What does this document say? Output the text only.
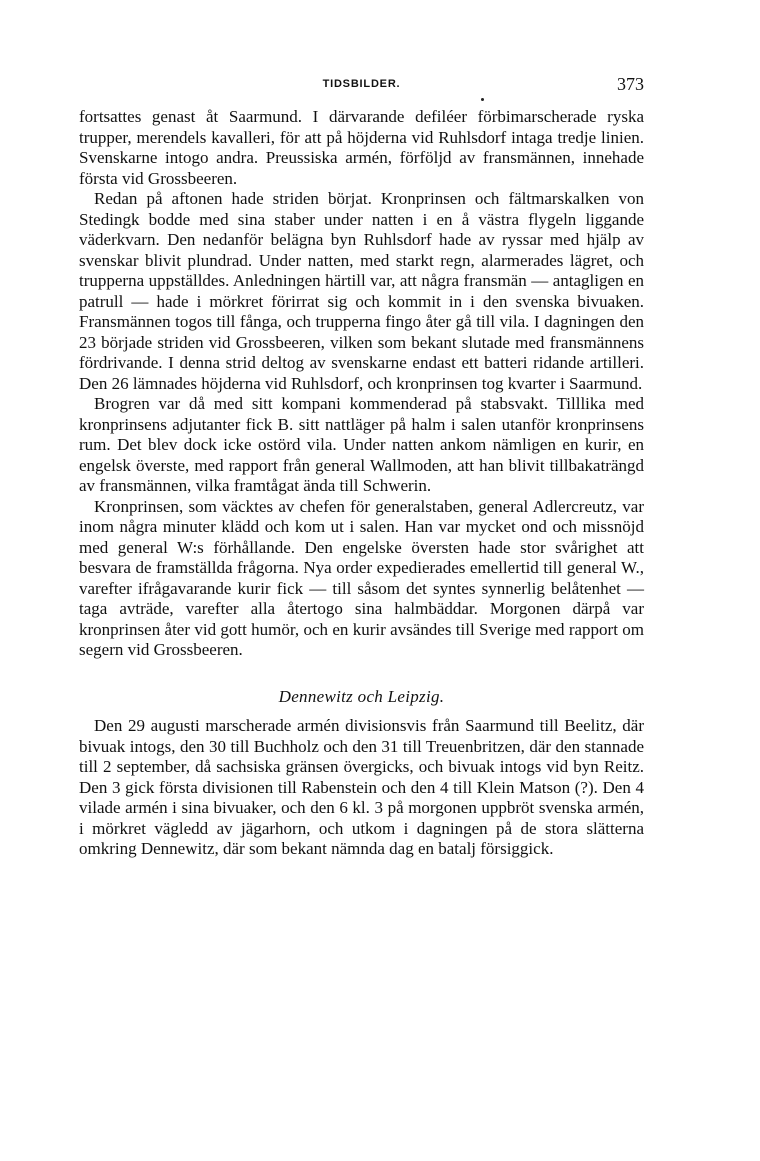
TIDSBILDER.	373

fortsattes genast åt Saarmund. I därvarande defiléer förbimarscherade ryska trupper, merendels kavalleri, för att på höjderna vid Ruhlsdorf intaga tredje linien. Svenskarne intogo andra. Preussiska armén, förföljd av fransmännen, innehade första vid Grossbeeren.

Redan på aftonen hade striden börjat. Kronprinsen och fältmarskalken von Stedingk bodde med sina staber under natten i en å västra flygeln liggande väderkvarn. Den nedanför belägna byn Ruhlsdorf hade av ryssar med hjälp av svenskar blivit plundrad. Under natten, med starkt regn, alarmerades lägret, och trupperna uppställdes. Anledningen härtill var, att några fransmän — antagligen en patrull — hade i mörkret förirrat sig och kommit in i den svenska bivuaken. Fransmännen togos till fånga, och trupperna fingo åter gå till vila. I dagningen den 23 började striden vid Grossbeeren, vilken som bekant slutade med fransmännens fördrivande. I denna strid deltog av svenskarne endast ett batteri ridande artilleri. Den 26 lämnades höjderna vid Ruhlsdorf, och kronprinsen tog kvarter i Saarmund.

Brogren var då med sitt kompani kommenderad på stabsvakt. Tilllika med kronprinsens adjutanter fick B. sitt nattläger på halm i salen utanför kronprinsens rum. Det blev dock icke ostörd vila. Under natten ankom nämligen en kurir, en engelsk överste, med rapport från general Wallmoden, att han blivit tillbakaträngd av fransmännen, vilka framtågat ända till Schwerin.

Kronprinsen, som väcktes av chefen för generalstaben, general Adlercreutz, var inom några minuter klädd och kom ut i salen. Han var mycket ond och missnöjd med general W:s förhållande. Den engelske översten hade stor svårighet att besvara de framställda frågorna. Nya order expedierades emellertid till general W., varefter ifrågavarande kurir fick — till såsom det syntes synnerlig belåtenhet — taga avträde, varefter alla återtogo sina halmbäddar. Morgonen därpå var kronprinsen åter vid gott humör, och en kurir avsändes till Sverige med rapport om segern vid Grossbeeren.

Dennewitz och Leipzig.

Den 29 augusti marscherade armén divisionsvis från Saarmund till Beelitz, där bivuak intogs, den 30 till Buchholz och den 31 till Treuenbritzen, där den stannade till 2 september, då sachsiska gränsen övergicks, och bivuak intogs vid byn Reitz. Den 3 gick första divisionen till Rabenstein och den 4 till Klein Matson (?). Den 4 vilade armén i sina bivuaker, och den 6 kl. 3 på morgonen uppbröt svenska armén, i mörkret vägledd av jägarhorn, och utkom i dagningen på de stora slätterna omkring Dennewitz, där som bekant nämnda dag en batalj försiggick.
